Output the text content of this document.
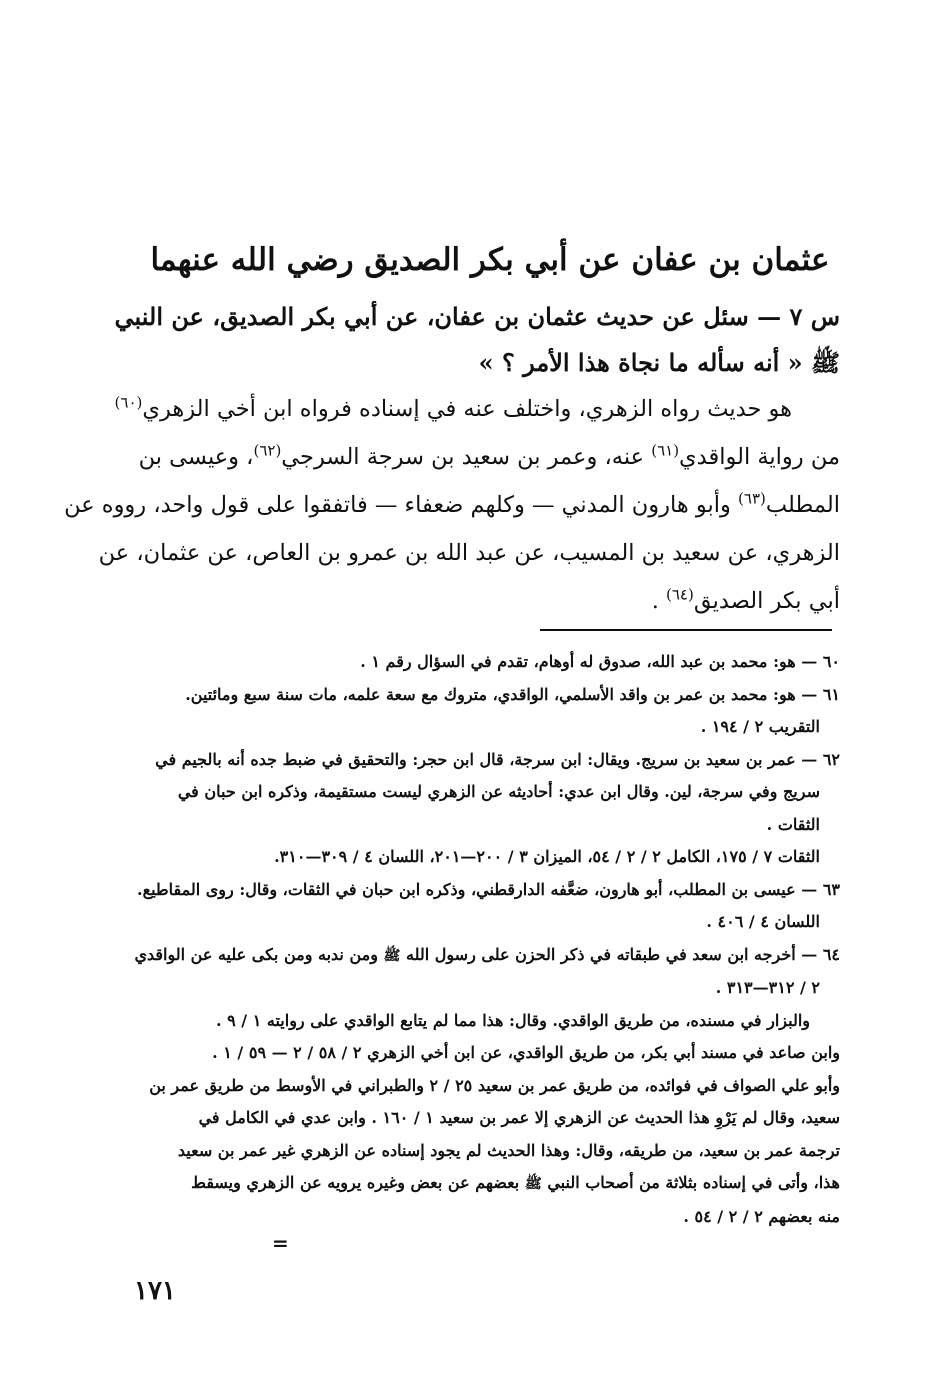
عثمان بن عفان عن أبي بكر الصديق رضي الله عنهما
س ٧ — سئل عن حديث عثمان بن عفان، عن أبي بكر الصديق، عن النبي
ﷺ « أنه سأله ما نجاة هذا الأمر ؟ »
هو حديث رواه الزهري، واختلف عنه في إسناده فرواه ابن أخي الزهري$^{(٦٠)}$
من رواية الواقدي$^{(٦١)}$ عنه، وعمر بن سعيد بن سرجة السرجي$^{(٦٢)}$، وعيسى بن
المطلب$^{(٦٣)}$ وأبو هارون المدني — وكلهم ضعفاء — فاتفقوا على قول واحد، رووه عن
الزهري، عن سعيد بن المسيب، عن عبد الله بن عمرو بن العاص، عن عثمان، عن
أبي بكر الصديق$^{(٦٤)}$ .
٦٠ — هو: محمد بن عبد الله، صدوق له أوهام، تقدم في السؤال رقم ١ .
٦١ — هو: محمد بن عمر بن واقد الأسلمي، الواقدي، متروك مع سعة علمه، مات سنة سبع ومائتين.
التقريب ٢ / ١٩٤ .
٦٢ — عمر بن سعيد بن سريج. ويقال: ابن سرجة، قال ابن حجر: والتحقيق في ضبط جده أنه بالجيم في
سريج وفي سرجة، لين. وقال ابن عدي: أحاديثه عن الزهري ليست مستقيمة، وذكره ابن حبان في
الثقات .
الثقات ٧ / ١٧٥، الكامل ٢ / ٢ / ٥٤، الميزان ٣ / ٢٠٠—٢٠١، اللسان ٤ / ٣٠٩—٣١٠.
٦٣ — عيسى بن المطلب، أبو هارون، ضعَّفه الدارقطني، وذكره ابن حبان في الثقات، وقال: روى المقاطيع.
اللسان ٤ / ٤٠٦ .
٦٤ — أخرجه ابن سعد في طبقاته في ذكر الحزن على رسول الله ﷺ ومن ندبه ومن بكى عليه عن الواقدي
٢ / ٣١٢—٣١٣ .
والبزار في مسنده، من طريق الواقدي. وقال: هذا مما لم يتابع الواقدي على روايته ١ / ٩ .
وابن صاعد في مسند أبي بكر، من طريق الواقدي، عن ابن أخي الزهري ٢ / ٥٨ / ٢ — ٥٩ / ١ .
وأبو علي الصواف في فوائده، من طريق عمر بن سعيد ٢٥ / ٢ والطبراني في الأوسط من طريق عمر بن
سعيد، وقال لم يَرْوِ هذا الحديث عن الزهري إلا عمر بن سعيد ١ / ١٦٠ . وابن عدي في الكامل في
ترجمة عمر بن سعيد، من طريقه، وقال: وهذا الحديث لم يجود إسناده عن الزهري غير عمر بن سعيد
هذا، وأتى في إسناده بثلاثة من أصحاب النبي ﷺ بعضهم عن بعض وغيره يرويه عن الزهري ويسقط
منه بعضهم ٢ / ٢ / ٥٤ .
=
١٧١
